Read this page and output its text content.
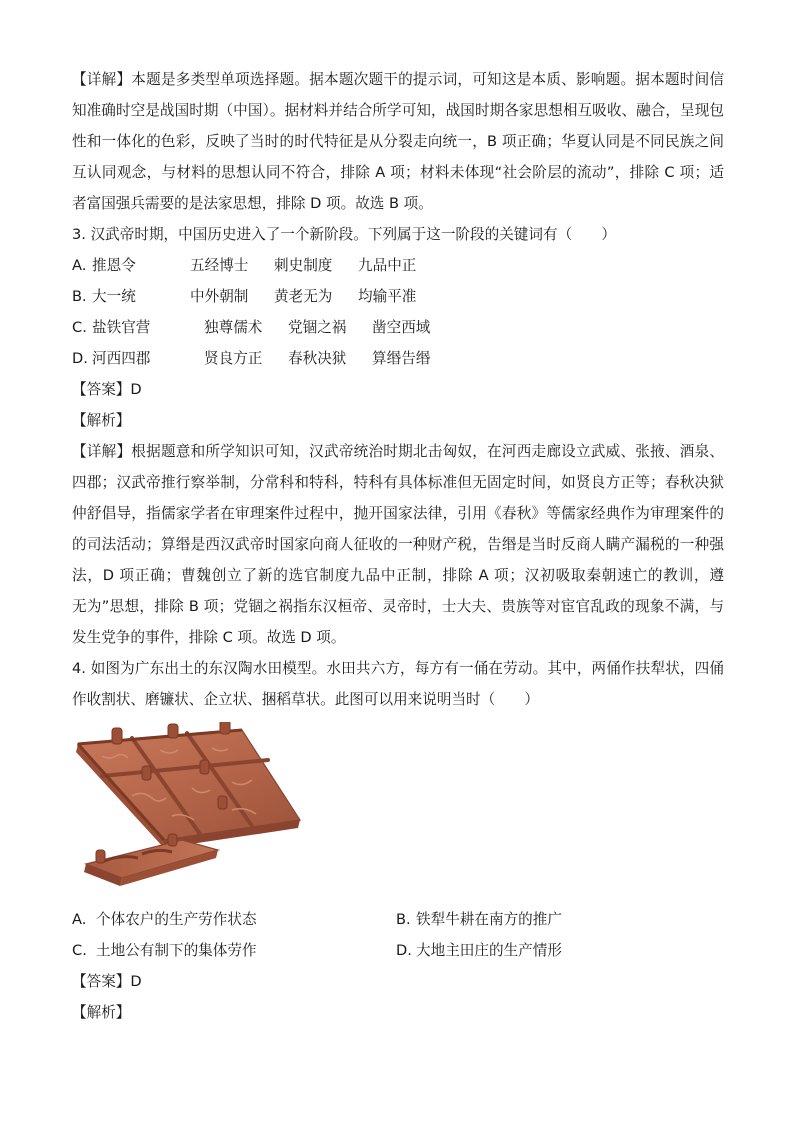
【详解】本题是多类型单项选择题。据本题次题干的提示词，可知这是本质、影响题。据本题时间信
知准确时空是战国时期（中国）。据材料并结合所学可知，战国时期各家思想相互吸收、融合，呈现包
性和一体化的色彩，反映了当时的时代特征是从分裂走向统一，B 项正确；华夏认同是不同民族之间
互认同观念，与材料的思想认同不符合，排除 A 项；材料未体现“社会阶层的流动”，排除 C 项；适
者富国强兵需要的是法家思想，排除 D 项。故选 B 项。
3. 汉武帝时期，中国历史进入了一个新阶段。下列属于这一阶段的关键词有（　　）
A. 推恩令	五经博士 刺史制度 九品中正
B. 大一统	中外朝制 黄老无为 均输平准
C. 盐铁官营	独尊儒术 党锢之祸 凿空西域
D. 河西四郡	贤良方正 春秋决狱 算缗告缗
【答案】D
【解析】
【详解】根据题意和所学知识可知，汉武帝统治时期北击匈奴，在河西走廊设立武威、张掖、酒泉、
四郡；汉武帝推行察举制，分常科和特科，特科有具体标准但无固定时间，如贤良方正等；春秋决狱
仲舒倡导，指儒家学者在审理案件过程中，抛开国家法律，引用《春秋》等儒家经典作为审理案件的
的司法活动；算缗是西汉武帝时国家向商人征收的一种财产税，告缗是当时反商人瞒产漏税的一种强
法，D 项正确；曹魏创立了新的选官制度九品中正制，排除 A 项；汉初吸取秦朝速亡的教训，遵
无为”思想，排除 B 项；党锢之祸指东汉桓帝、灵帝时，士大夫、贵族等对宦官乱政的现象不满，与
发生党争的事件，排除 C 项。故选 D 项。
4. 如图为广东出土的东汉陶水田模型。水田共六方，每方有一俑在劳动。其中，两俑作扶犁状，四俑
作收割状、磨镰状、企立状、捆稻草状。此图可以用来说明当时（　　）
A. 个体农户的生产劳作状态	B. 铁犁牛耕在南方的推广
C. 土地公有制下的集体劳作	D. 大地主田庄的生产情形
【答案】D
【解析】
